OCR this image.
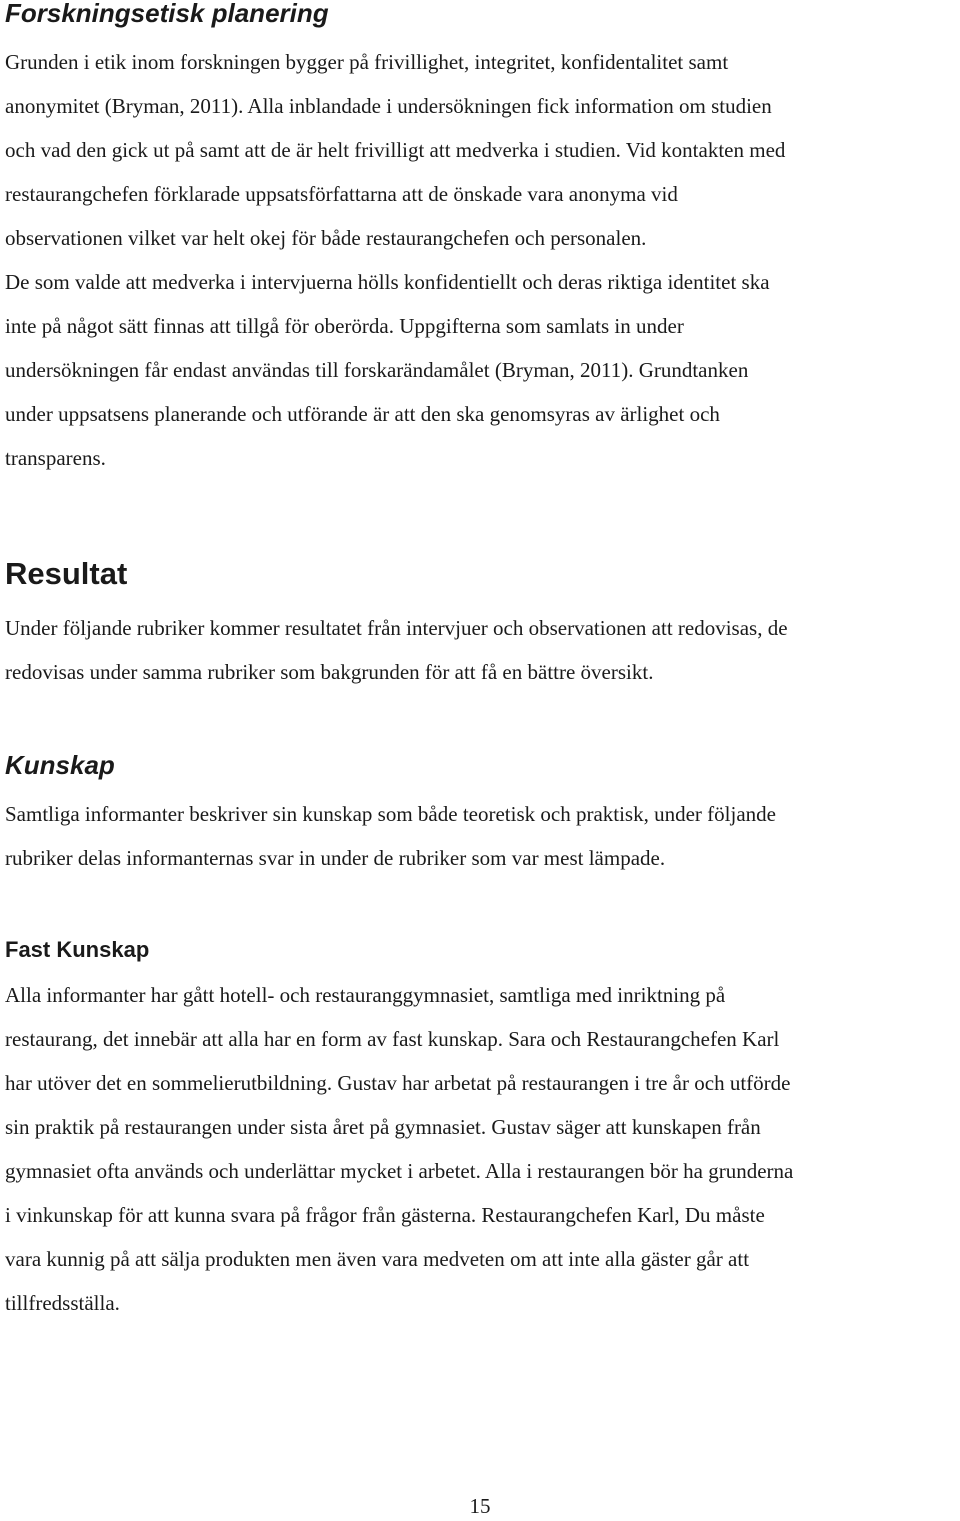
Forskningsetisk planering
Grunden i etik inom forskningen bygger på frivillighet, integritet, konfidentalitet samt
anonymitet (Bryman, 2011). Alla inblandade i undersökningen fick information om studien
och vad den gick ut på samt att de är helt frivilligt att medverka i studien. Vid kontakten med
restaurangchefen förklarade uppsatsförfattarna att de önskade vara anonyma vid
observationen vilket var helt okej för både restaurangchefen och personalen.
De som valde att medverka i intervjuerna hölls konfidentiellt och deras riktiga identitet ska
inte på något sätt finnas att tillgå för oberörda. Uppgifterna som samlats in under
undersökningen får endast användas till forskarändamålet (Bryman, 2011). Grundtanken
under uppsatsens planerande och utförande är att den ska genomsyras av ärlighet och
transparens.
Resultat
Under följande rubriker kommer resultatet från intervjuer och observationen att redovisas, de
redovisas under samma rubriker som bakgrunden för att få en bättre översikt.
Kunskap
Samtliga informanter beskriver sin kunskap som både teoretisk och praktisk, under följande
rubriker delas informanternas svar in under de rubriker som var mest lämpade.
Fast Kunskap
Alla informanter har gått hotell- och restauranggymnasiet, samtliga med inriktning på
restaurang, det innebär att alla har en form av fast kunskap. Sara och Restaurangchefen Karl
har utöver det en sommelierutbildning. Gustav har arbetat på restaurangen i tre år och utförde
sin praktik på restaurangen under sista året på gymnasiet. Gustav säger att kunskapen från
gymnasiet ofta används och underlättar mycket i arbetet. Alla i restaurangen bör ha grunderna
i vinkunskap för att kunna svara på frågor från gästerna. Restaurangchefen Karl, Du måste
vara kunnig på att sälja produkten men även vara medveten om att inte alla gäster går att
tillfredsställa.
15
